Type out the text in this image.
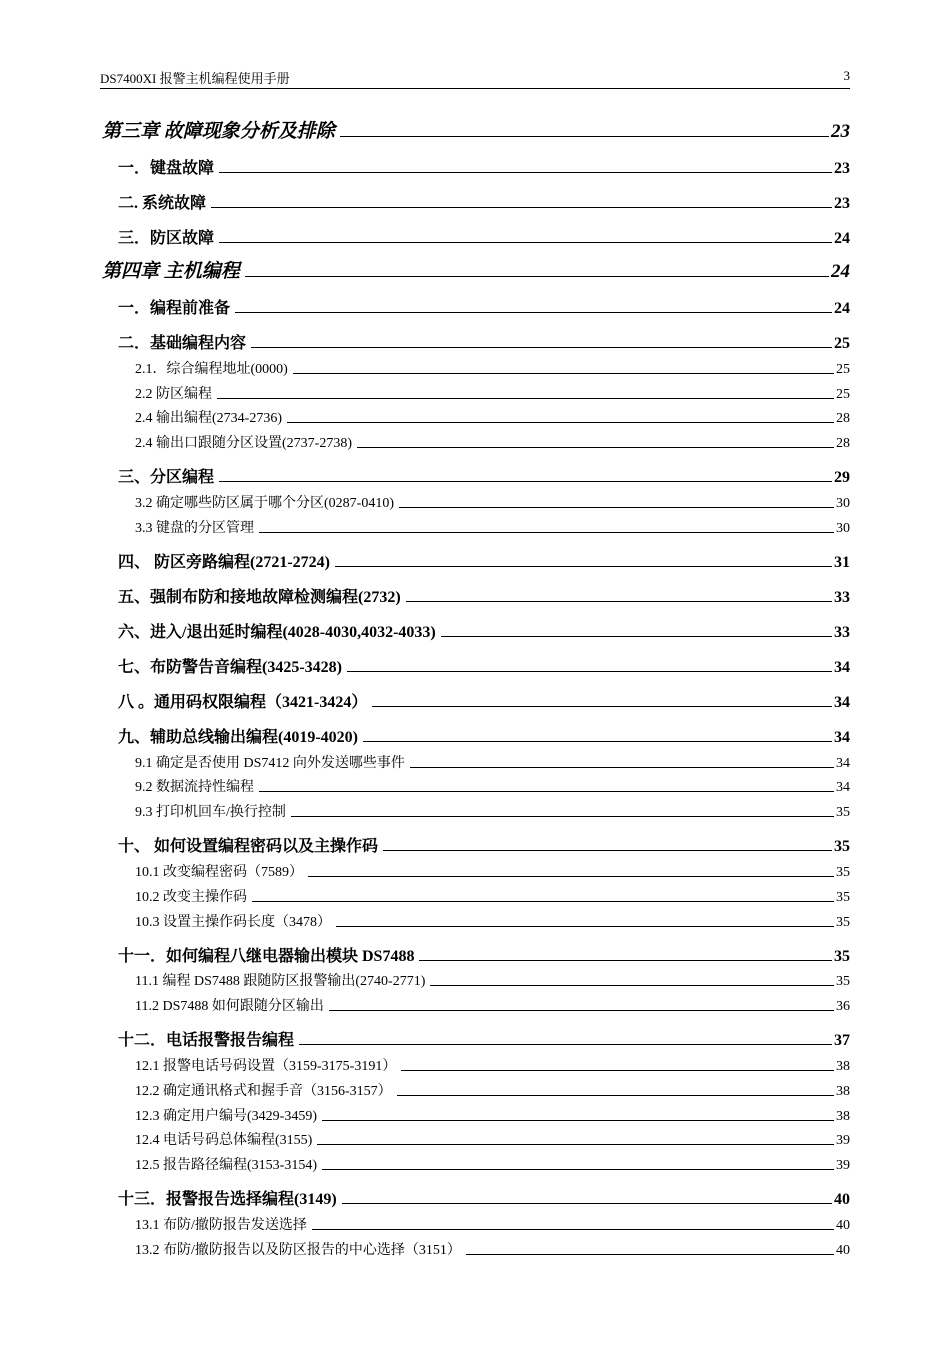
DS7400XI 报警主机编程使用手册	3
第三章 故障现象分析及排除	23
一．键盘故障	23
二. 系统故障	23
三．防区故障	24
第四章 主机编程	24
一．编程前准备	24
二．基础编程内容	25
2.1．综合编程地址(0000)	25
2.2 防区编程	25
2.4 输出编程(2734-2736)	28
2.4 输出口跟随分区设置(2737-2738)	28
三、分区编程	29
3.2 确定哪些防区属于哪个分区(0287-0410)	30
3.3 键盘的分区管理	30
四、 防区旁路编程(2721-2724)	31
五、强制布防和接地故障检测编程(2732)	33
六、进入/退出延时编程(4028-4030,4032-4033)	33
七、布防警告音编程(3425-3428)	34
八 。通用码权限编程（3421-3424）	34
九、辅助总线输出编程(4019-4020)	34
9.1 确定是否使用 DS7412 向外发送哪些事件	34
9.2 数据流持性编程	34
9.3 打印机回车/换行控制	35
十、 如何设置编程密码以及主操作码	35
10.1 改变编程密码（7589）	35
10.2 改变主操作码	35
10.3 设置主操作码长度（3478）	35
十一．如何编程八继电器输出模块 DS7488	35
11.1 编程 DS7488 跟随防区报警输出(2740-2771)	35
11.2 DS7488 如何跟随分区输出	36
十二．电话报警报告编程	37
12.1 报警电话号码设置（3159-3175-3191）	38
12.2 确定通讯格式和握手音（3156-3157）	38
12.3 确定用户编号(3429-3459)	38
12.4 电话号码总体编程(3155)	39
12.5 报告路径编程(3153-3154)	39
十三．报警报告选择编程(3149)	40
13.1 布防/撤防报告发送选择	40
13.2 布防/撤防报告以及防区报告的中心选择（3151）	40
